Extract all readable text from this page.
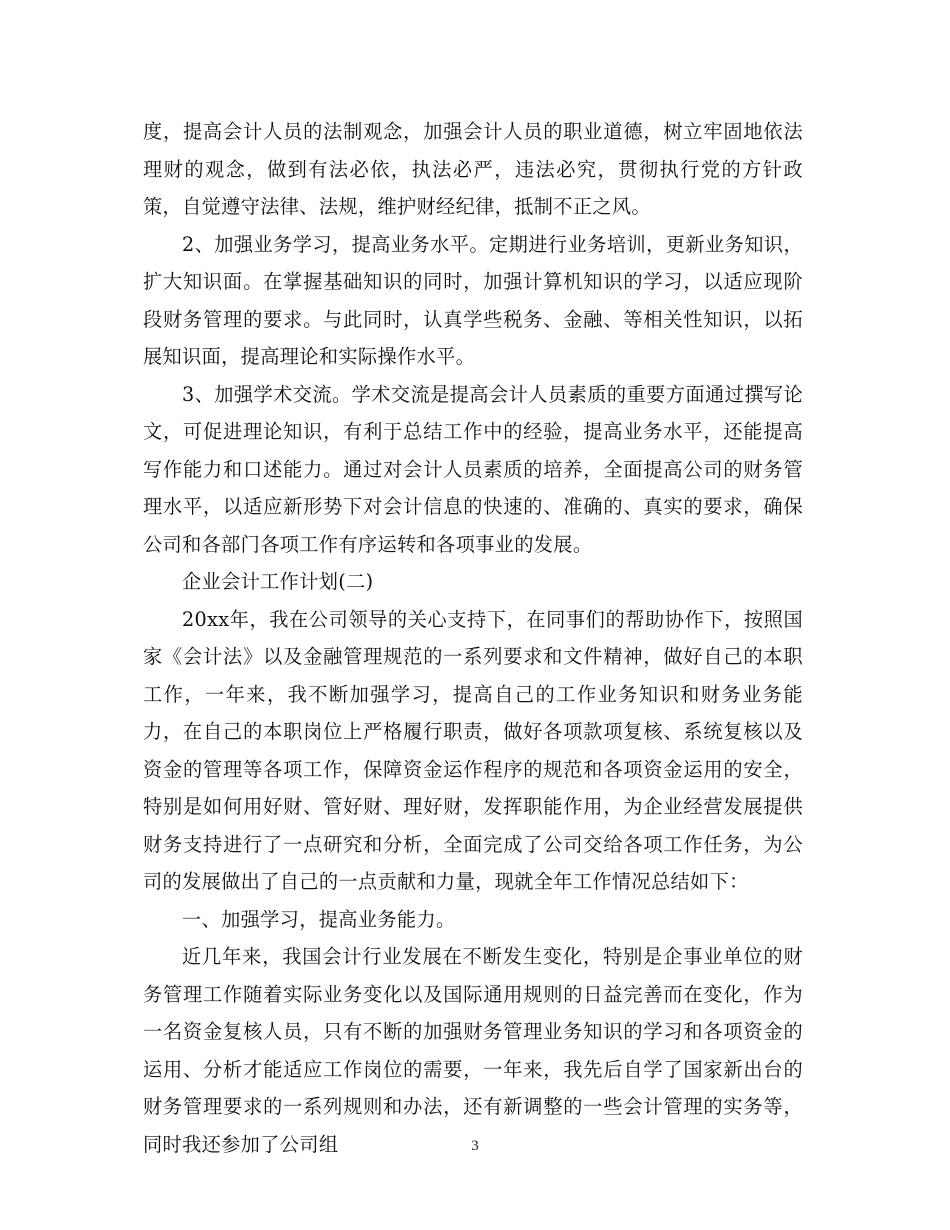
度，提高会计人员的法制观念，加强会计人员的职业道德，树立牢固地依法理财的观念，做到有法必依，执法必严，违法必究，贯彻执行党的方针政策，自觉遵守法律、法规，维护财经纪律，抵制不正之风。

2、加强业务学习，提高业务水平。定期进行业务培训，更新业务知识，扩大知识面。在掌握基础知识的同时，加强计算机知识的学习，以适应现阶段财务管理的要求。与此同时，认真学些税务、金融、等相关性知识，以拓展知识面，提高理论和实际操作水平。

3、加强学术交流。学术交流是提高会计人员素质的重要方面通过撰写论文，可促进理论知识，有利于总结工作中的经验，提高业务水平，还能提高写作能力和口述能力。通过对会计人员素质的培养，全面提高公司的财务管理水平，以适应新形势下对会计信息的快速的、准确的、真实的要求，确保公司和各部门各项工作有序运转和各项事业的发展。

企业会计工作计划(二)

20xx年，我在公司领导的关心支持下，在同事们的帮助协作下，按照国家《会计法》以及金融管理规范的一系列要求和文件精神，做好自己的本职工作，一年来，我不断加强学习，提高自己的工作业务知识和财务业务能力，在自己的本职岗位上严格履行职责，做好各项款项复核、系统复核以及资金的管理等各项工作，保障资金运作程序的规范和各项资金运用的安全，特别是如何用好财、管好财、理好财，发挥职能作用，为企业经营发展提供财务支持进行了一点研究和分析，全面完成了公司交给各项工作任务，为公司的发展做出了自己的一点贡献和力量，现就全年工作情况总结如下：

一、加强学习，提高业务能力。

近几年来，我国会计行业发展在不断发生变化，特别是企事业单位的财务管理工作随着实际业务变化以及国际通用规则的日益完善而在变化，作为一名资金复核人员，只有不断的加强财务管理业务知识的学习和各项资金的运用、分析才能适应工作岗位的需要，一年来，我先后自学了国家新出台的财务管理要求的一系列规则和办法，还有新调整的一些会计管理的实务等，同时我还参加了公司组	3
